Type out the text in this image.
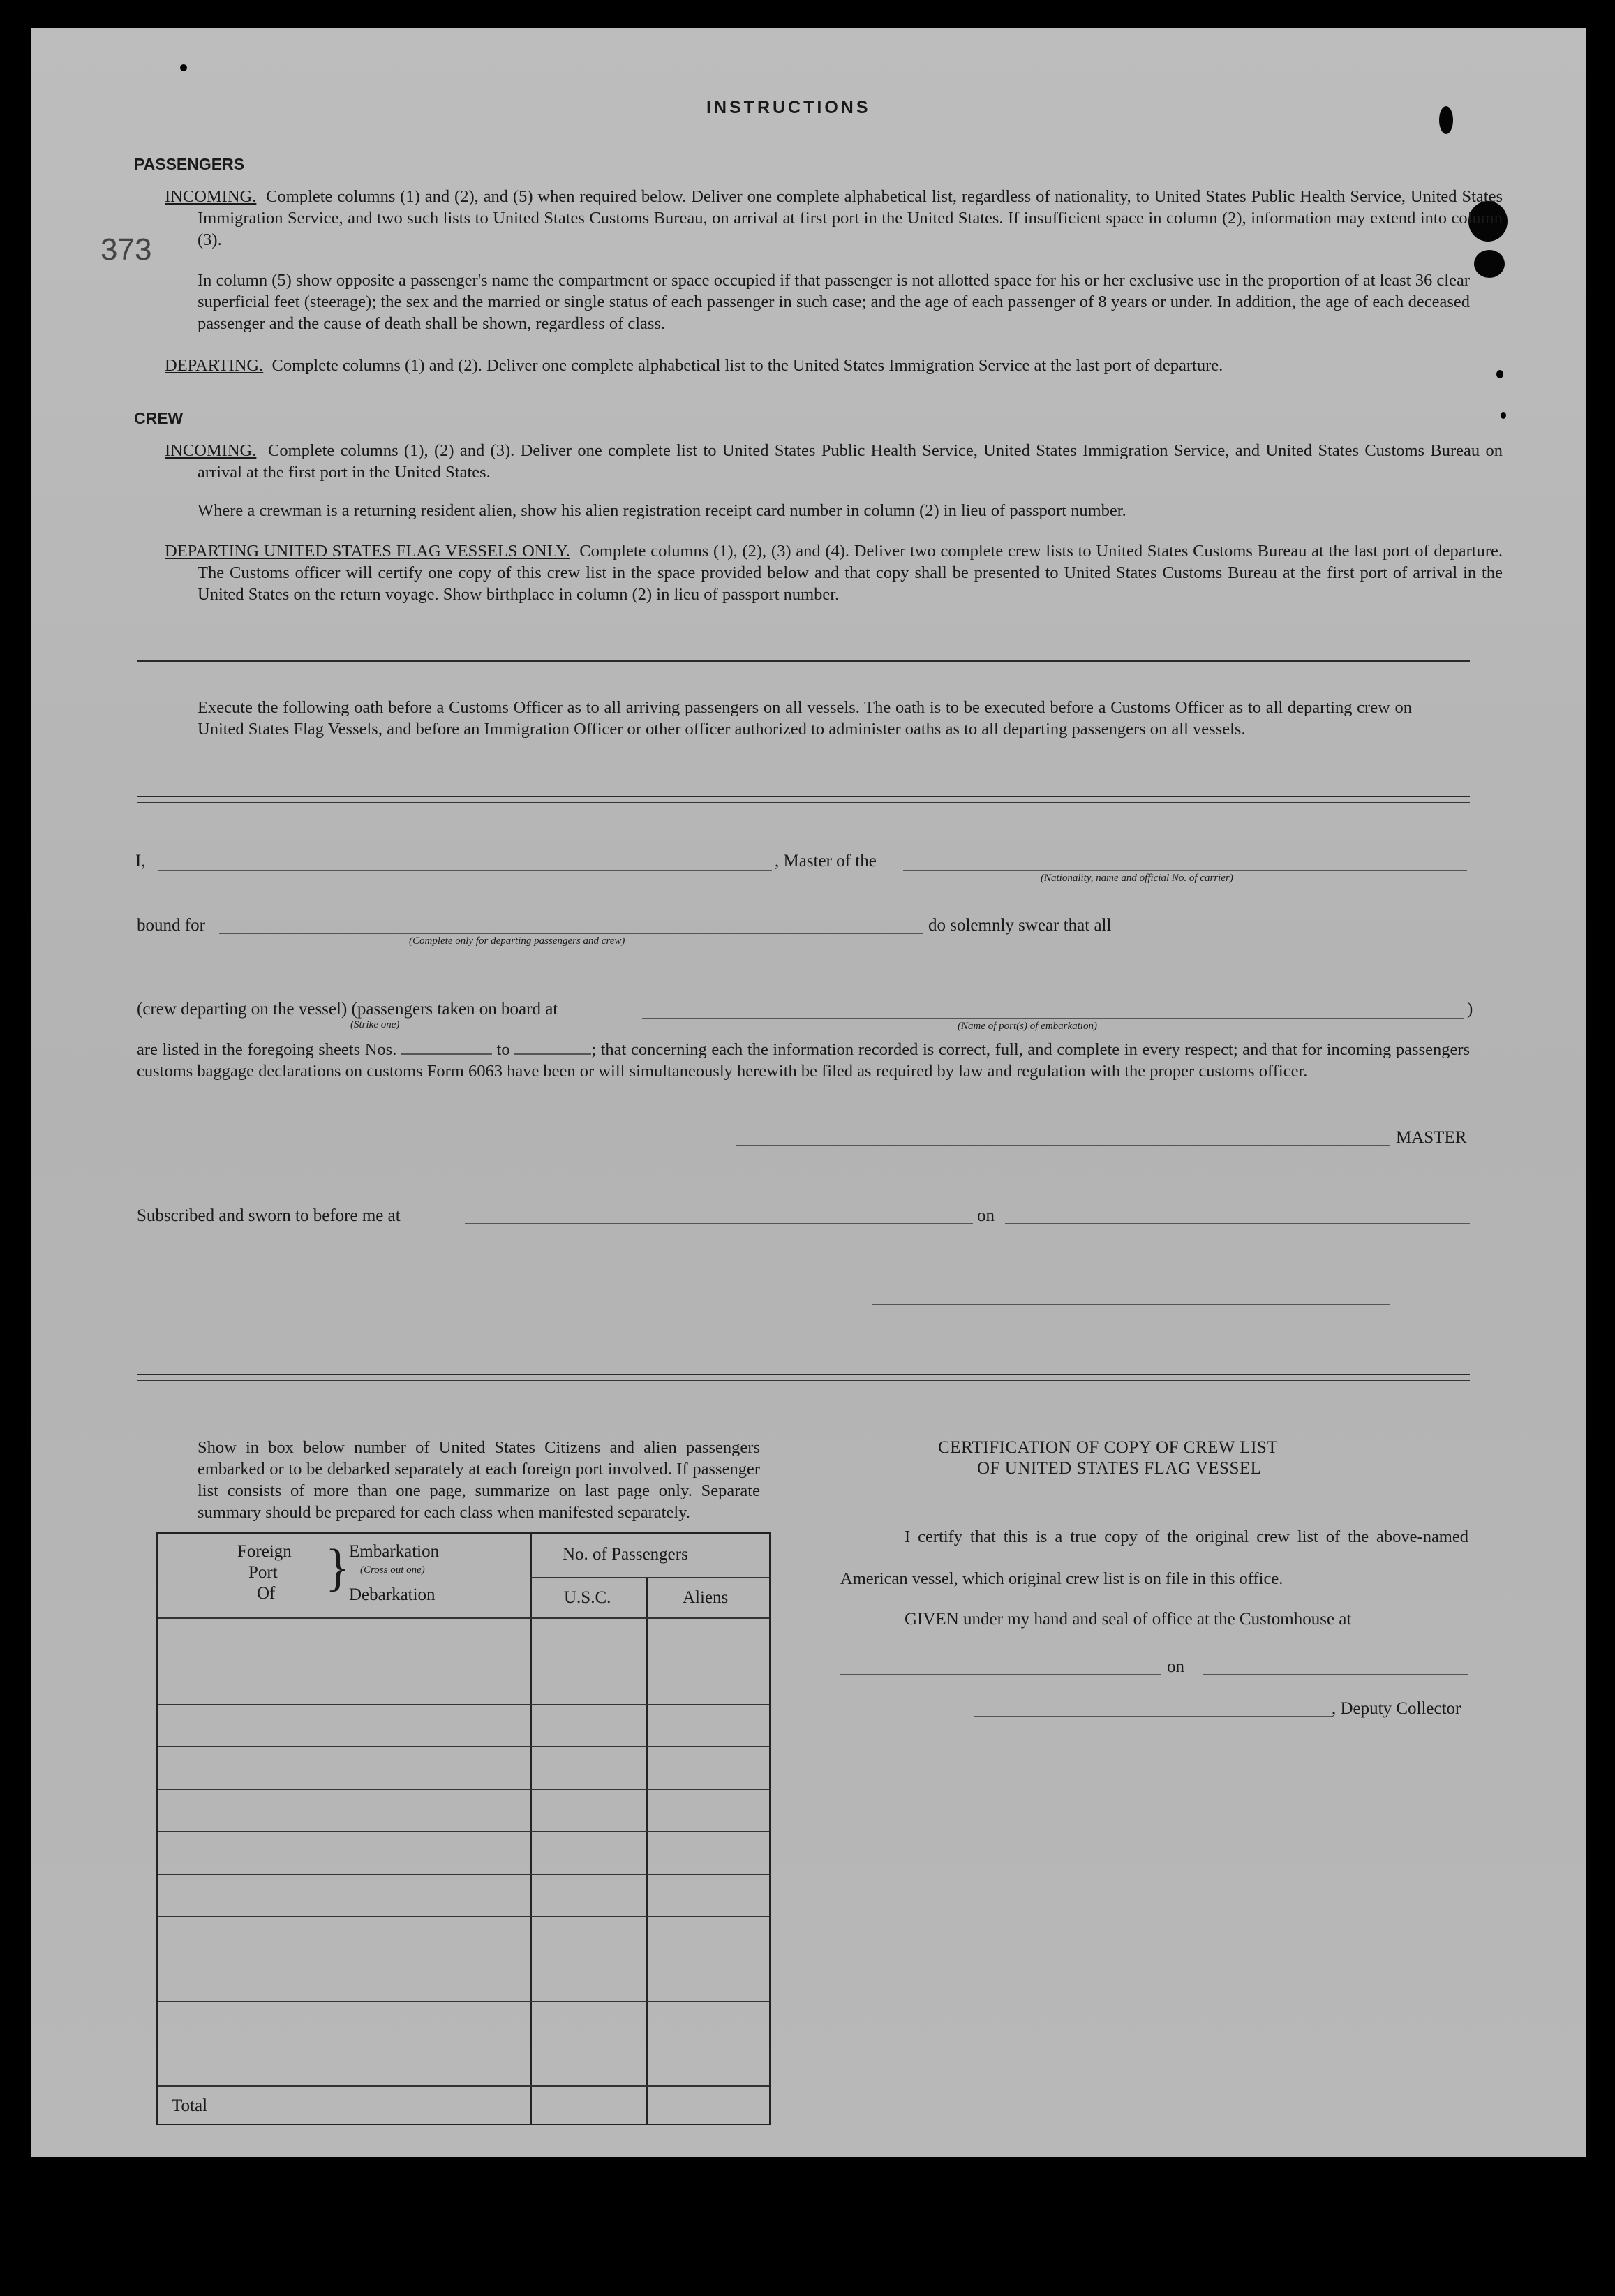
INSTRUCTIONS
373
PASSENGERS
INCOMING. Complete columns (1) and (2), and (5) when required below. Deliver one complete alphabetical list, regardless of nationality, to United States Public Health Service, United States Immigration Service, and two such lists to United States Customs Bureau, on arrival at first port in the United States. If insufficient space in column (2), information may extend into column (3).
In column (5) show opposite a passenger's name the compartment or space occupied if that passenger is not allotted space for his or her exclusive use in the proportion of at least 36 clear superficial feet (steerage); the sex and the married or single status of each passenger in such case; and the age of each passenger of 8 years or under. In addition, the age of each deceased passenger and the cause of death shall be shown, regardless of class.
DEPARTING. Complete columns (1) and (2). Deliver one complete alphabetical list to the United States Immigration Service at the last port of departure.
CREW
INCOMING. Complete columns (1), (2) and (3). Deliver one complete list to United States Public Health Service, United States Immigration Service, and United States Customs Bureau on arrival at the first port in the United States.
Where a crewman is a returning resident alien, show his alien registration receipt card number in column (2) in lieu of passport number.
DEPARTING UNITED STATES FLAG VESSELS ONLY. Complete columns (1), (2), (3) and (4). Deliver two complete crew lists to United States Customs Bureau at the last port of departure. The Customs officer will certify one copy of this crew list in the space provided below and that copy shall be presented to United States Customs Bureau at the first port of arrival in the United States on the return voyage. Show birthplace in column (2) in lieu of passport number.
Execute the following oath before a Customs Officer as to all arriving passengers on all vessels. The oath is to be executed before a Customs Officer as to all departing crew on United States Flag Vessels, and before an Immigration Officer or other officer authorized to administer oaths as to all departing passengers on all vessels.
I,	, Master of the
(Nationality, name and official No. of carrier)
bound for
(Complete only for departing passengers and crew)
do solemnly swear that all
(crew departing on the vessel) (passengers taken on board at
(Strike one)	(Name of port(s) of embarkation)
)
are listed in the foregoing sheets Nos.	to	; that concerning each the information recorded is correct, full, and complete in every respect; and that for incoming passengers customs baggage declarations on customs Form 6063 have been or will simultaneously herewith be filed as required by law and regulation with the proper customs officer.
MASTER
Subscribed and sworn to before me at	on
Show in box below number of United States Citizens and alien passengers embarked or to be debarked separately at each foreign port involved. If passenger list consists of more than one page, summarize on last page only. Separate summary should be prepared for each class when manifested separately.
Foreign
Port
Of }
Embarkation
(Cross out one)
Debarkation
No. of Passengers
U.S.C.	Aliens
Total
CERTIFICATION OF COPY OF CREW LIST
OF UNITED STATES FLAG VESSEL
I certify that this is a true copy of the original crew list of the above-named American vessel, which original crew list is on file in this office.
GIVEN under my hand and seal of office at the Customhouse at
on
, Deputy Collector
